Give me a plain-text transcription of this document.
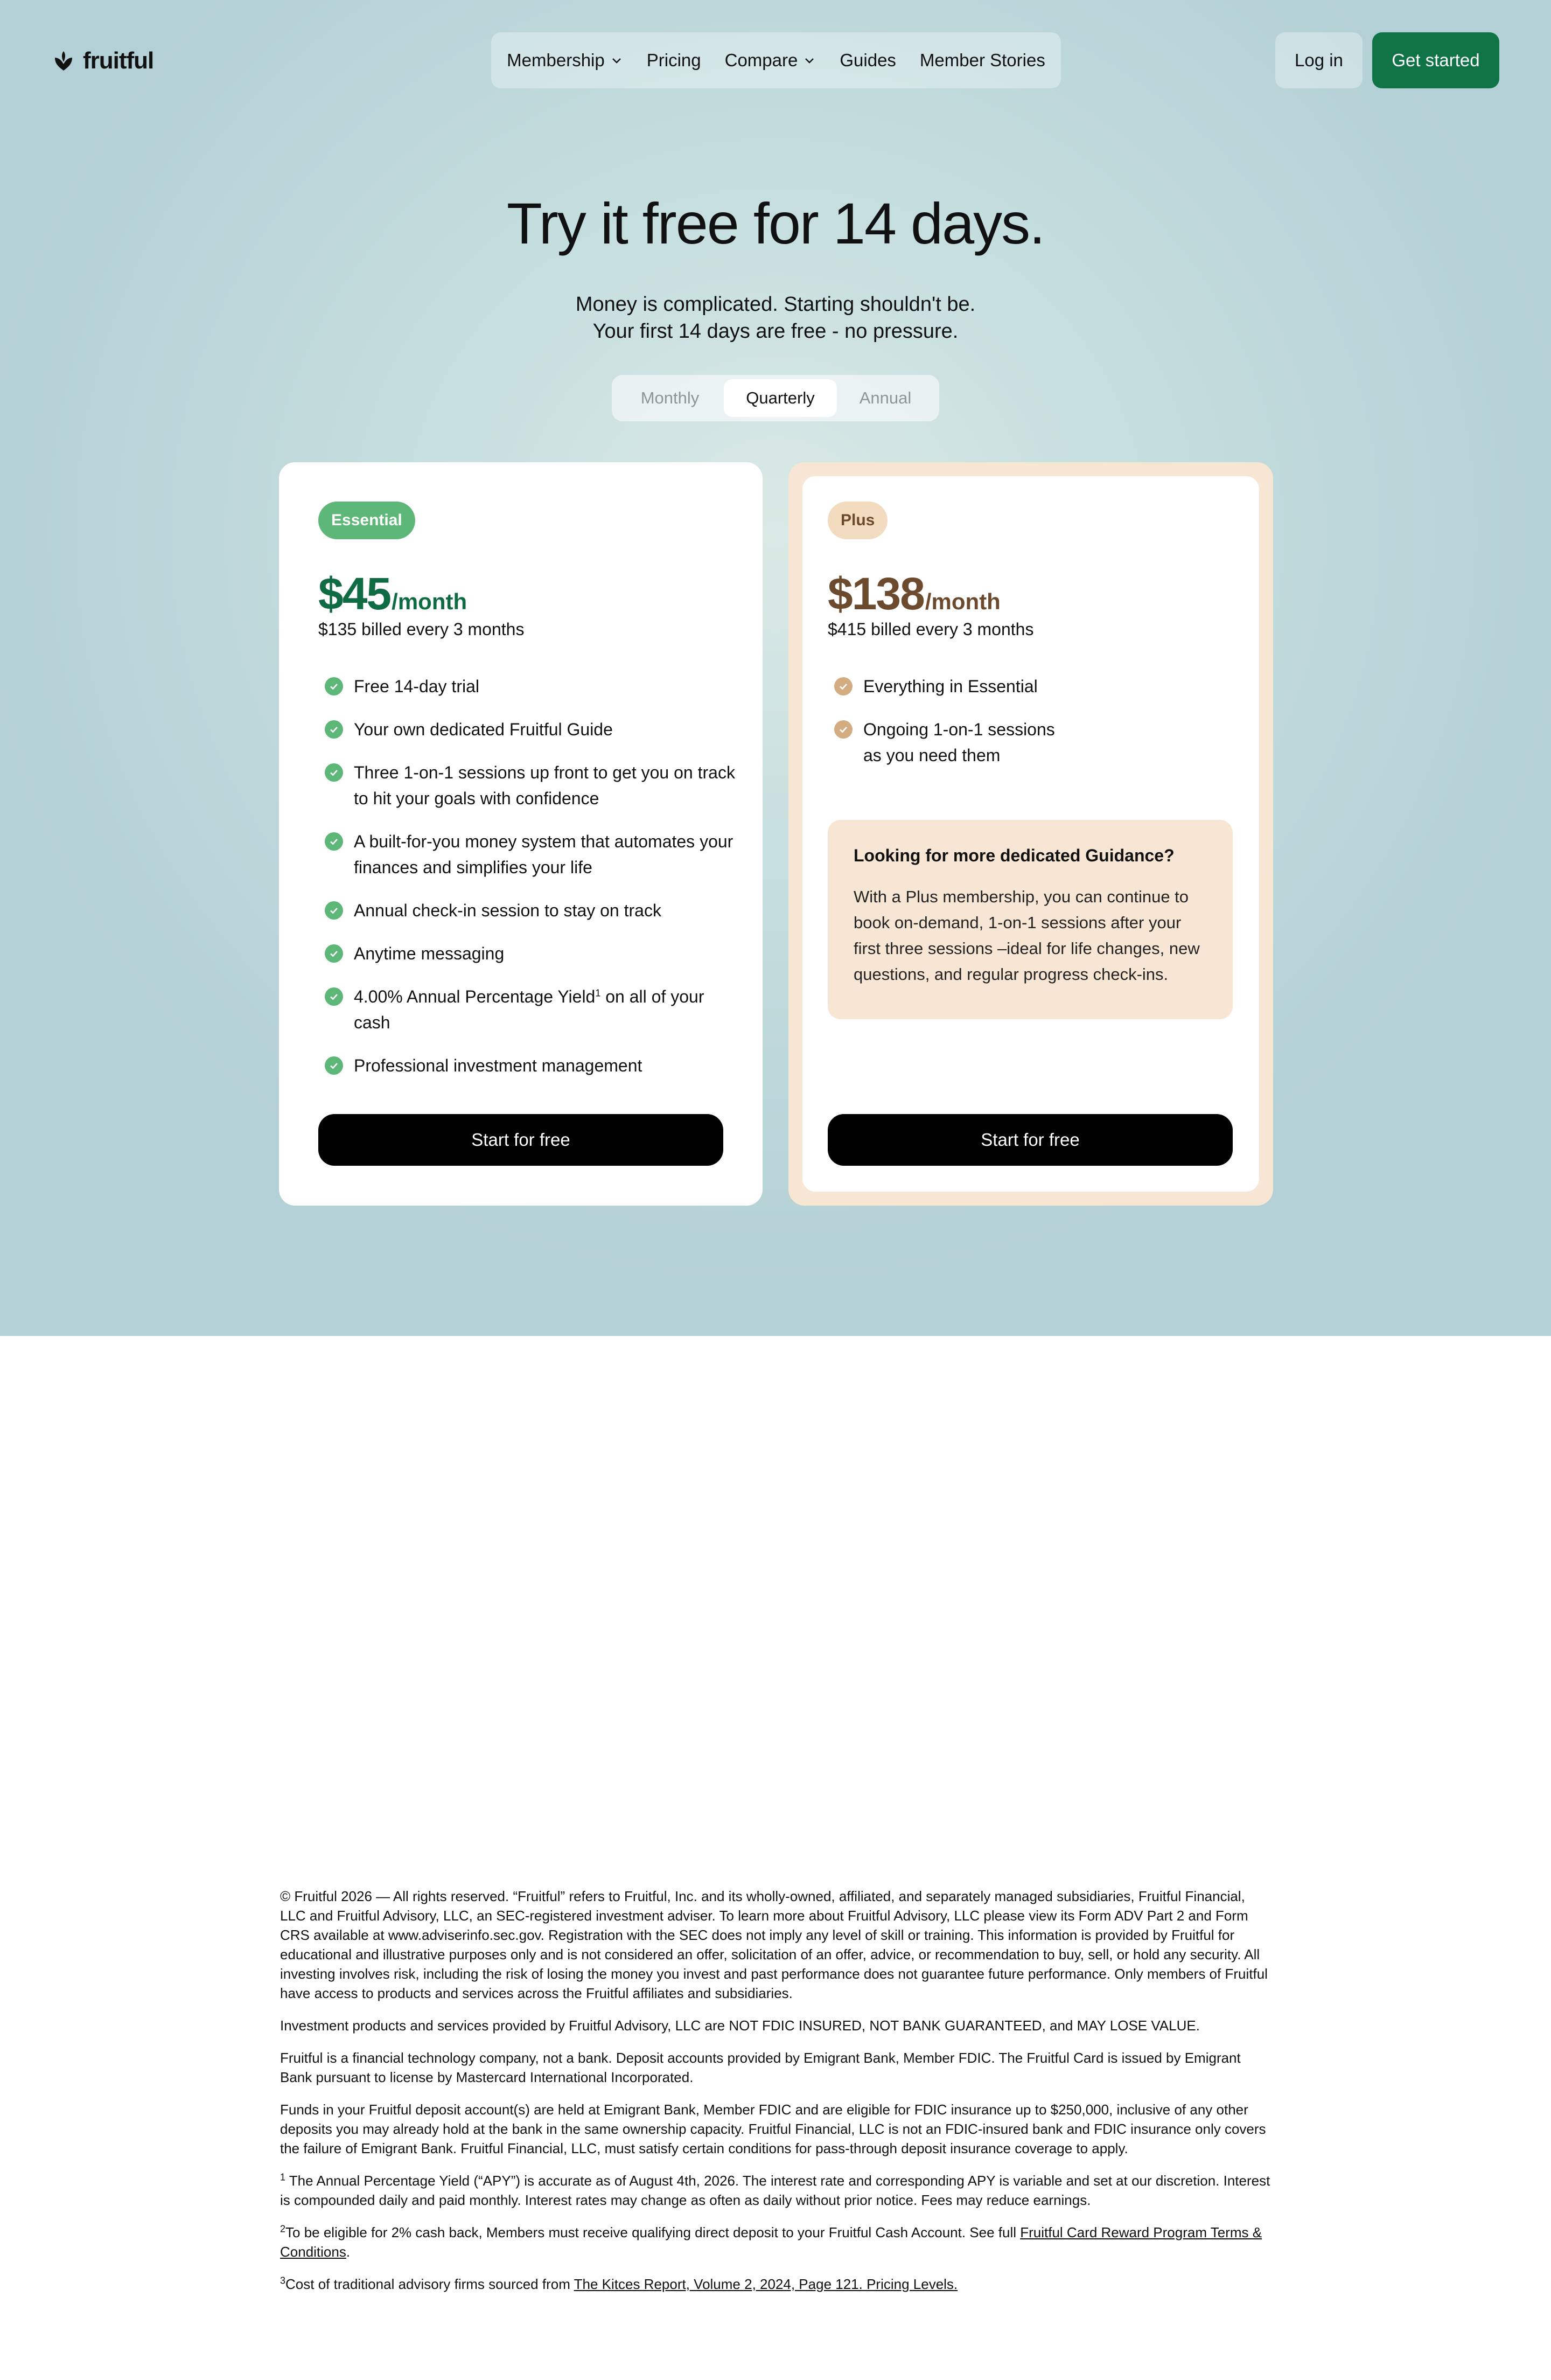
fruitful	Membership Pricing Compare Guides Member Stories	Log in	Get started
Try it free for 14 days.
Money is complicated. Starting shouldn't be.
Your first 14 days are free - no pressure.
Monthly	Quarterly	Annual
Essential
$45 /month
$135 billed every 3 months
Free 14-day trial
Your own dedicated Fruitful Guide
Three 1-on-1 sessions up front to get you on track to hit your goals with confidence
A built-for-you money system that automates your finances and simplifies your life
Annual check-in session to stay on track
Anytime messaging
4.00% Annual Percentage Yield$^1$ on all of your cash
Professional investment management
Start for free
Plus
$138 /month
$415 billed every 3 months
Everything in Essential
Ongoing 1-on-1 sessions as you need them
Looking for more dedicated Guidance?
With a Plus membership, you can continue to book on-demand, 1-on-1 sessions after your first three sessions –ideal for life changes, new questions, and regular progress check-ins.
Start for free

© Fruitful 2026 — All rights reserved. “Fruitful” refers to Fruitful, Inc. and its wholly-owned, affiliated, and separately managed subsidiaries, Fruitful Financial, LLC and Fruitful Advisory, LLC, an SEC-registered investment adviser. To learn more about Fruitful Advisory, LLC please view its Form ADV Part 2 and Form CRS available at www.adviserinfo.sec.gov. Registration with the SEC does not imply any level of skill or training. This information is provided by Fruitful for educational and illustrative purposes only and is not considered an offer, solicitation of an offer, advice, or recommendation to buy, sell, or hold any security. All investing involves risk, including the risk of losing the money you invest and past performance does not guarantee future performance. Only members of Fruitful have access to products and services across the Fruitful affiliates and subsidiaries.

Investment products and services provided by Fruitful Advisory, LLC are NOT FDIC INSURED, NOT BANK GUARANTEED, and MAY LOSE VALUE.

Fruitful is a financial technology company, not a bank. Deposit accounts provided by Emigrant Bank, Member FDIC. The Fruitful Card is issued by Emigrant Bank pursuant to license by Mastercard International Incorporated.

Funds in your Fruitful deposit account(s) are held at Emigrant Bank, Member FDIC and are eligible for FDIC insurance up to $250,000, inclusive of any other deposits you may already hold at the bank in the same ownership capacity. Fruitful Financial, LLC is not an FDIC-insured bank and FDIC insurance only covers the failure of Emigrant Bank. Fruitful Financial, LLC, must satisfy certain conditions for pass-through deposit insurance coverage to apply.

$^1$ The Annual Percentage Yield (“APY”) is accurate as of August 4th, 2026. The interest rate and corresponding APY is variable and set at our discretion. Interest is compounded daily and paid monthly. Interest rates may change as often as daily without prior notice. Fees may reduce earnings.

$^2$To be eligible for 2% cash back, Members must receive qualifying direct deposit to your Fruitful Cash Account. See full Fruitful Card Reward Program Terms & Conditions.

$^3$Cost of traditional advisory firms sourced from The Kitces Report, Volume 2, 2024, Page 121. Pricing Levels.
